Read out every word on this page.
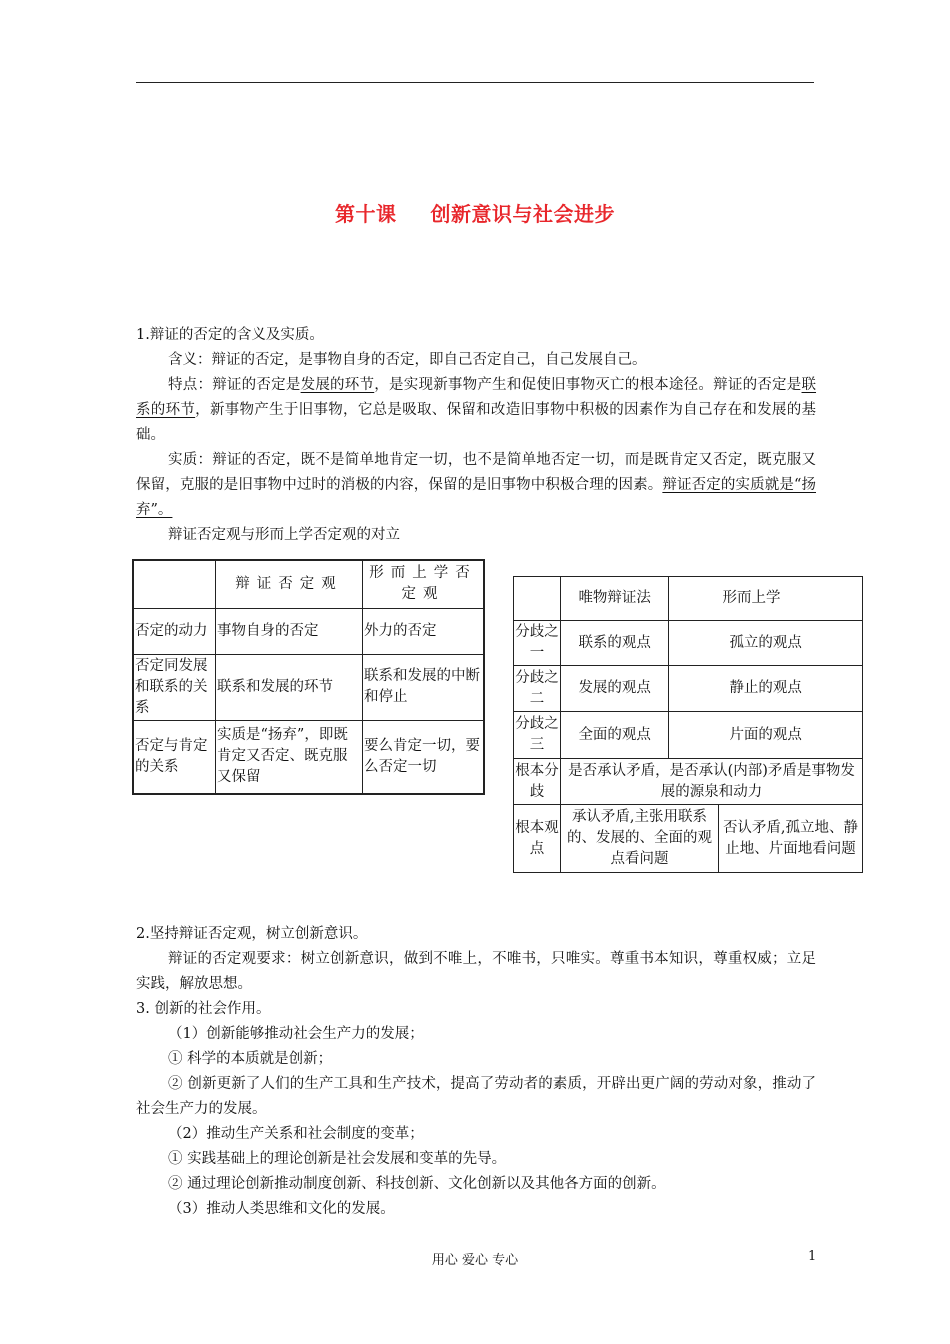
第十课 创新意识与社会进步
1.辩证的否定的含义及实质。
含义：辩证的否定，是事物自身的否定，即自己否定自己，自己发展自己。
特点：辩证的否定是发展的环节，是实现新事物产生和促使旧事物灭亡的根本途径。辩证的否定是联系的环节，新事物产生于旧事物，它总是吸取、保留和改造旧事物中积极的因素作为自己存在和发展的基础。
实质：辩证的否定，既不是简单地肯定一切，也不是简单地否定一切，而是既肯定又否定，既克服又保留，克服的是旧事物中过时的消极的内容，保留的是旧事物中积极合理的因素。辩证否定的实质就是“扬弃”。
辩证否定观与形而上学否定观的对立
	辩证否定观	形而上学否定观
否定的动力	事物自身的否定	外力的否定
否定同发展和联系的关系	联系和发展的环节	联系和发展的中断和停止
否定与肯定的关系	实质是“扬弃”，即既肯定又否定、既克服又保留	要么肯定一切，要么否定一切
	唯物辩证法		形而上学
分歧之一	联系的观点	孤立的观点	
分歧之二	发展的观点	静止的观点	
分歧之三	全面的观点	片面的观点	
根本分歧	是否承认矛盾，是否承认(内部)矛盾是事物发展的源泉和动力		
根本观点	承认矛盾,主张用联系的、发展的、全面的观点看问题		否认矛盾,孤立地、静止地、片面地看问题
2.坚持辩证否定观，树立创新意识。
辩证的否定观要求：树立创新意识，做到不唯上，不唯书，只唯实。尊重书本知识，尊重权威；立足实践，解放思想。
3. 创新的社会作用。
（1）创新能够推动社会生产力的发展；
① 科学的本质就是创新；
② 创新更新了人们的生产工具和生产技术，提高了劳动者的素质，开辟出更广阔的劳动对象，推动了社会生产力的发展。
（2）推动生产关系和社会制度的变革；
① 实践基础上的理论创新是社会发展和变革的先导。
② 通过理论创新推动制度创新、科技创新、文化创新以及其他各方面的创新。
（3）推动人类思维和文化的发展。
用心 爱心 专心	1
